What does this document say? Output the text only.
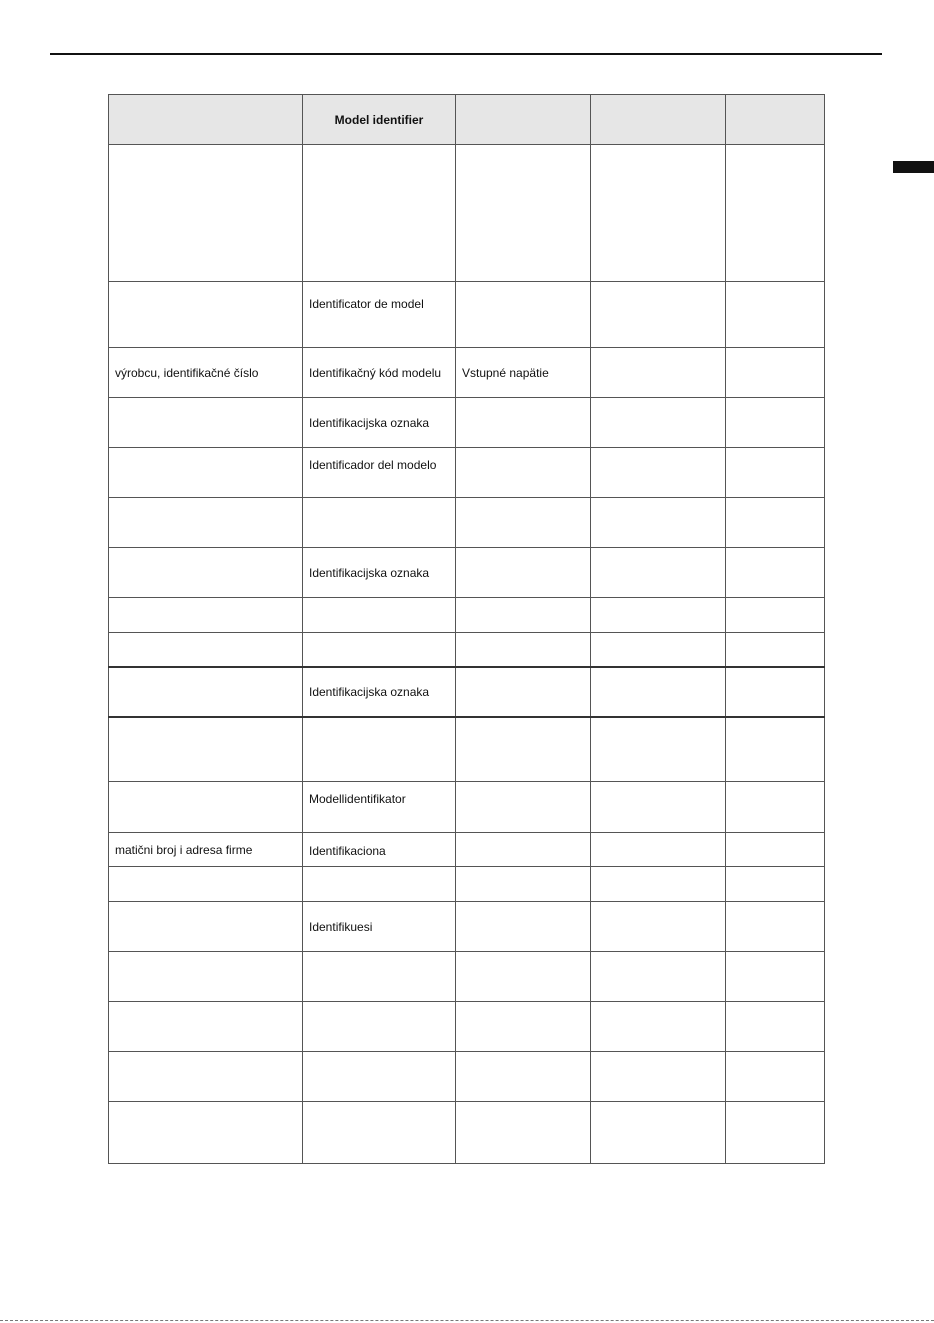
	Model identifier			

	Identificator de model			
výrobcu, identifikačné číslo	Identifikačný kód modelu	Vstupné napätie		
	Identifikacijska oznaka			
	Identificador del modelo			

	Identifikacijska oznaka			

	Identifikacijska oznaka			

	Modellidentifikator			
matični broj i adresa firme	Identifikaciona			

	Identifikuesi			
